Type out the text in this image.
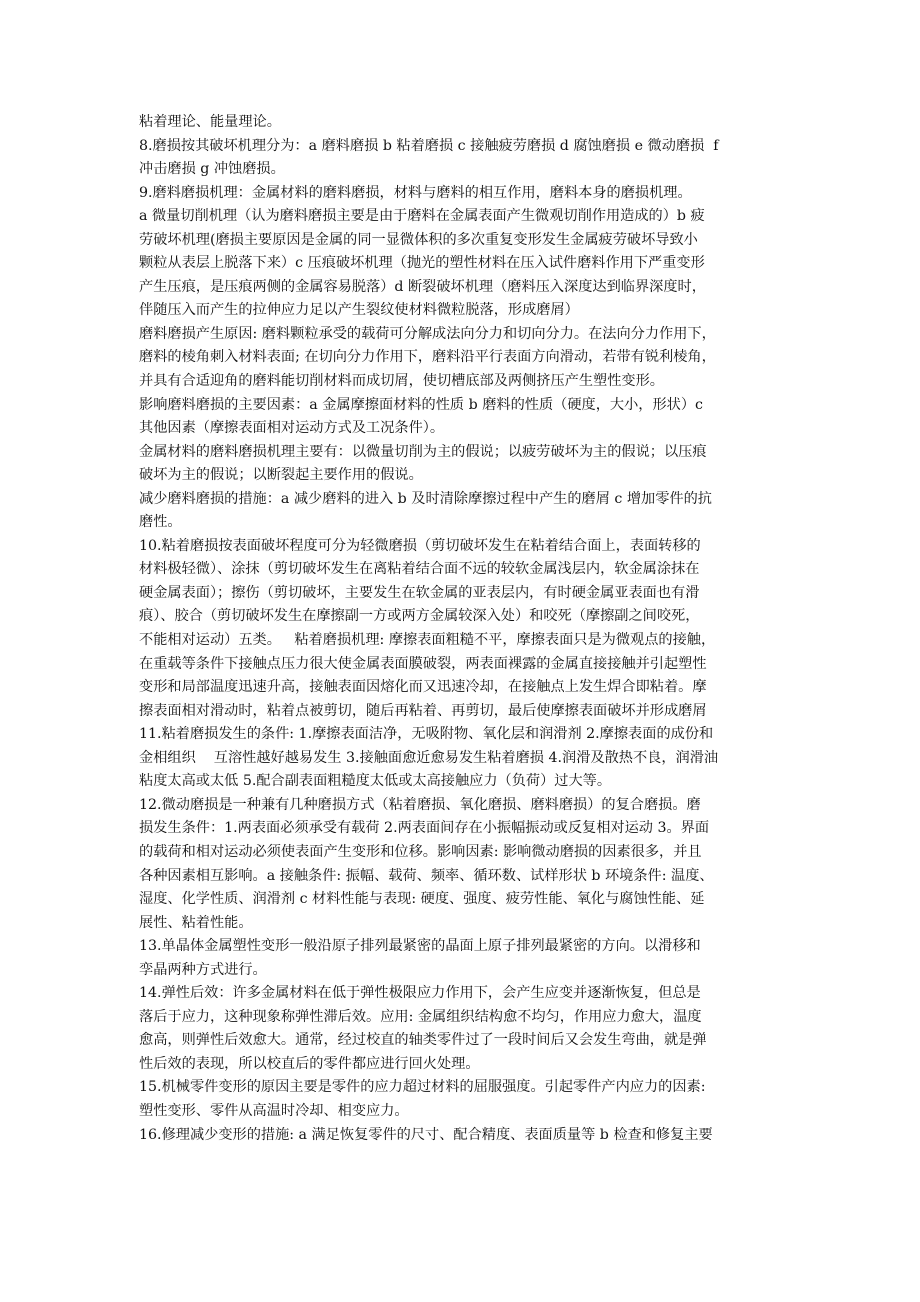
粘着理论、能量理论。
8.磨损按其破坏机理分为：a 磨料磨损 b 粘着磨损 c 接触疲劳磨损 d 腐蚀磨损 e 微动磨损  f
冲击磨损 g 冲蚀磨损。
9.磨料磨损机理：金属材料的磨料磨损，材料与磨料的相互作用，磨料本身的磨损机理。
a 微量切削机理（认为磨料磨损主要是由于磨料在金属表面产生微观切削作用造成的）b 疲
劳破坏机理(磨损主要原因是金属的同一显微体积的多次重复变形发生金属疲劳破坏导致小
颗粒从表层上脱落下来）c 压痕破坏机理（抛光的塑性材料在压入试件磨料作用下严重变形
产生压痕，是压痕两侧的金属容易脱落）d 断裂破坏机理（磨料压入深度达到临界深度时，
伴随压入而产生的拉伸应力足以产生裂纹使材料微粒脱落，形成磨屑）
磨料磨损产生原因: 磨料颗粒承受的载荷可分解成法向分力和切向分力。在法向分力作用下，
磨料的棱角刺入材料表面; 在切向分力作用下，磨料沿平行表面方向滑动，若带有锐利棱角，
并具有合适迎角的磨料能切削材料而成切屑，使切槽底部及两侧挤压产生塑性变形。
影响磨料磨损的主要因素：a 金属摩擦面材料的性质 b 磨料的性质（硬度，大小，形状）c
其他因素（摩擦表面相对运动方式及工况条件）。
金属材料的磨料磨损机理主要有：以微量切削为主的假说；以疲劳破坏为主的假说；以压痕
破坏为主的假说；以断裂起主要作用的假说。
减少磨料磨损的措施：a 减少磨料的进入 b 及时清除摩擦过程中产生的磨屑 c 增加零件的抗
磨性。
10.粘着磨损按表面破坏程度可分为轻微磨损（剪切破坏发生在粘着结合面上，表面转移的
材料极轻微）、涂抹（剪切破坏发生在离粘着结合面不远的较软金属浅层内，软金属涂抹在
硬金属表面）；擦伤（剪切破坏，主要发生在软金属的亚表层内，有时硬金属亚表面也有滑
痕）、胶合（剪切破坏发生在摩擦副一方或两方金属较深入处）和咬死（摩擦副之间咬死，
不能相对运动）五类。   粘着磨损机理: 摩擦表面粗糙不平，摩擦表面只是为微观点的接触，
在重载等条件下接触点压力很大使金属表面膜破裂，两表面裸露的金属直接接触并引起塑性
变形和局部温度迅速升高，接触表面因熔化而又迅速冷却，在接触点上发生焊合即粘着。摩
擦表面相对滑动时，粘着点被剪切，随后再粘着、再剪切，最后使摩擦表面破坏并形成磨屑
11.粘着磨损发生的条件: 1.摩擦表面洁净，无吸附物、氧化层和润滑剂 2.摩擦表面的成份和
金相组织    互溶性越好越易发生 3.接触面愈近愈易发生粘着磨损 4.润滑及散热不良，润滑油
粘度太高或太低 5.配合副表面粗糙度太低或太高接触应力（负荷）过大等。
12.微动磨损是一种兼有几种磨损方式（粘着磨损、氧化磨损、磨料磨损）的复合磨损。磨
损发生条件：1.两表面必须承受有载荷 2.两表面间存在小振幅振动或反复相对运动 3。界面
的载荷和相对运动必须使表面产生变形和位移。影响因素: 影响微动磨损的因素很多，并且
各种因素相互影响。a 接触条件: 振幅、载荷、频率、循环数、试样形状 b 环境条件: 温度、
湿度、化学性质、润滑剂 c 材料性能与表现: 硬度、强度、疲劳性能、氧化与腐蚀性能、延
展性、粘着性能。
13.单晶体金属塑性变形一般沿原子排列最紧密的晶面上原子排列最紧密的方向。以滑移和
孪晶两种方式进行。
14.弹性后效：许多金属材料在低于弹性极限应力作用下，会产生应变并逐渐恢复，但总是
落后于应力，这种现象称弹性滞后效。应用: 金属组织结构愈不均匀，作用应力愈大，温度
愈高，则弹性后效愈大。通常，经过校直的轴类零件过了一段时间后又会发生弯曲，就是弹
性后效的表现，所以校直后的零件都应进行回火处理。
15.机械零件变形的原因主要是零件的应力超过材料的屈服强度。引起零件产内应力的因素:
塑性变形、零件从高温时冷却、相变应力。
16.修理减少变形的措施: a 满足恢复零件的尺寸、配合精度、表面质量等 b 检查和修复主要
